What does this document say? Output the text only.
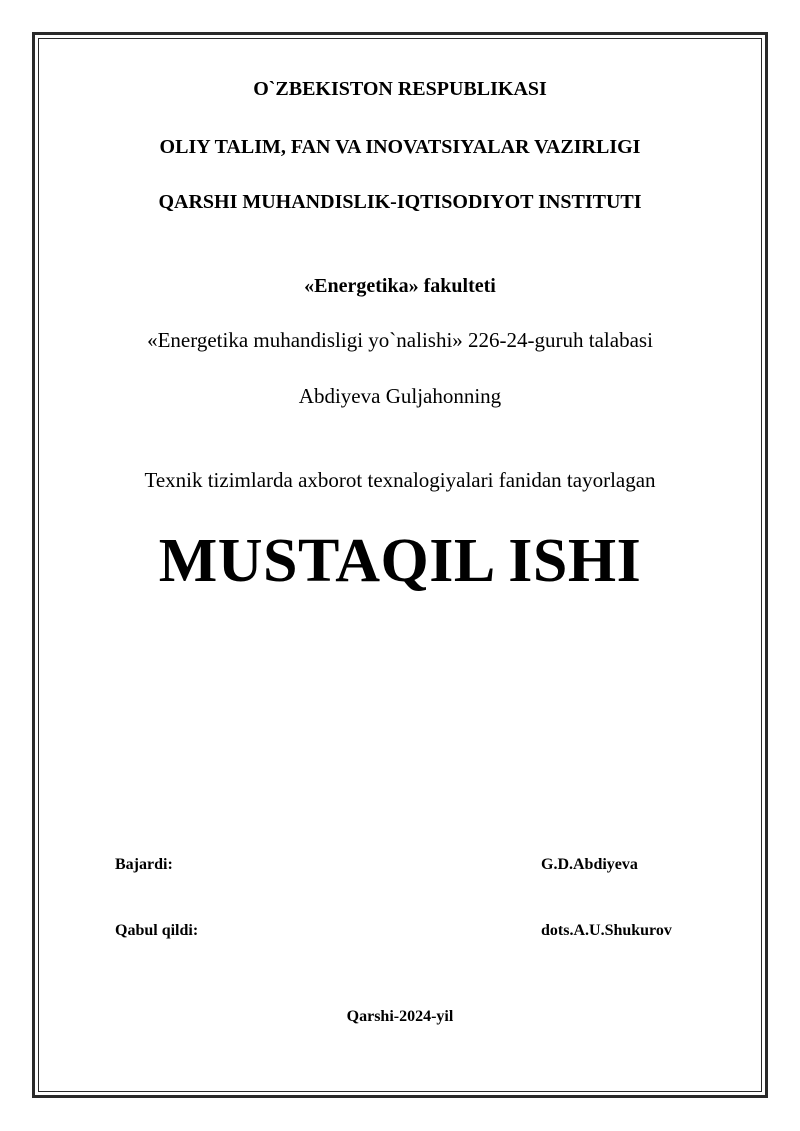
O`ZBEKISTON RESPUBLIKASI
OLIY TALIM, FAN VA INOVATSIYALAR VAZIRLIGI
QARSHI MUHANDISLIK-IQTISODIYOT INSTITUTI
«Energetika» fakulteti
«Energetika muhandisligi yo`nalishi» 226-24-guruh talabasi
Abdiyeva Guljahonning
Texnik tizimlarda axborot texnalogiyalari fanidan tayorlagan
MUSTAQIL ISHI
Bajardi:	G.D.Abdiyeva
Qabul qildi:	dots.A.U.Shukurov
Qarshi-2024-yil
